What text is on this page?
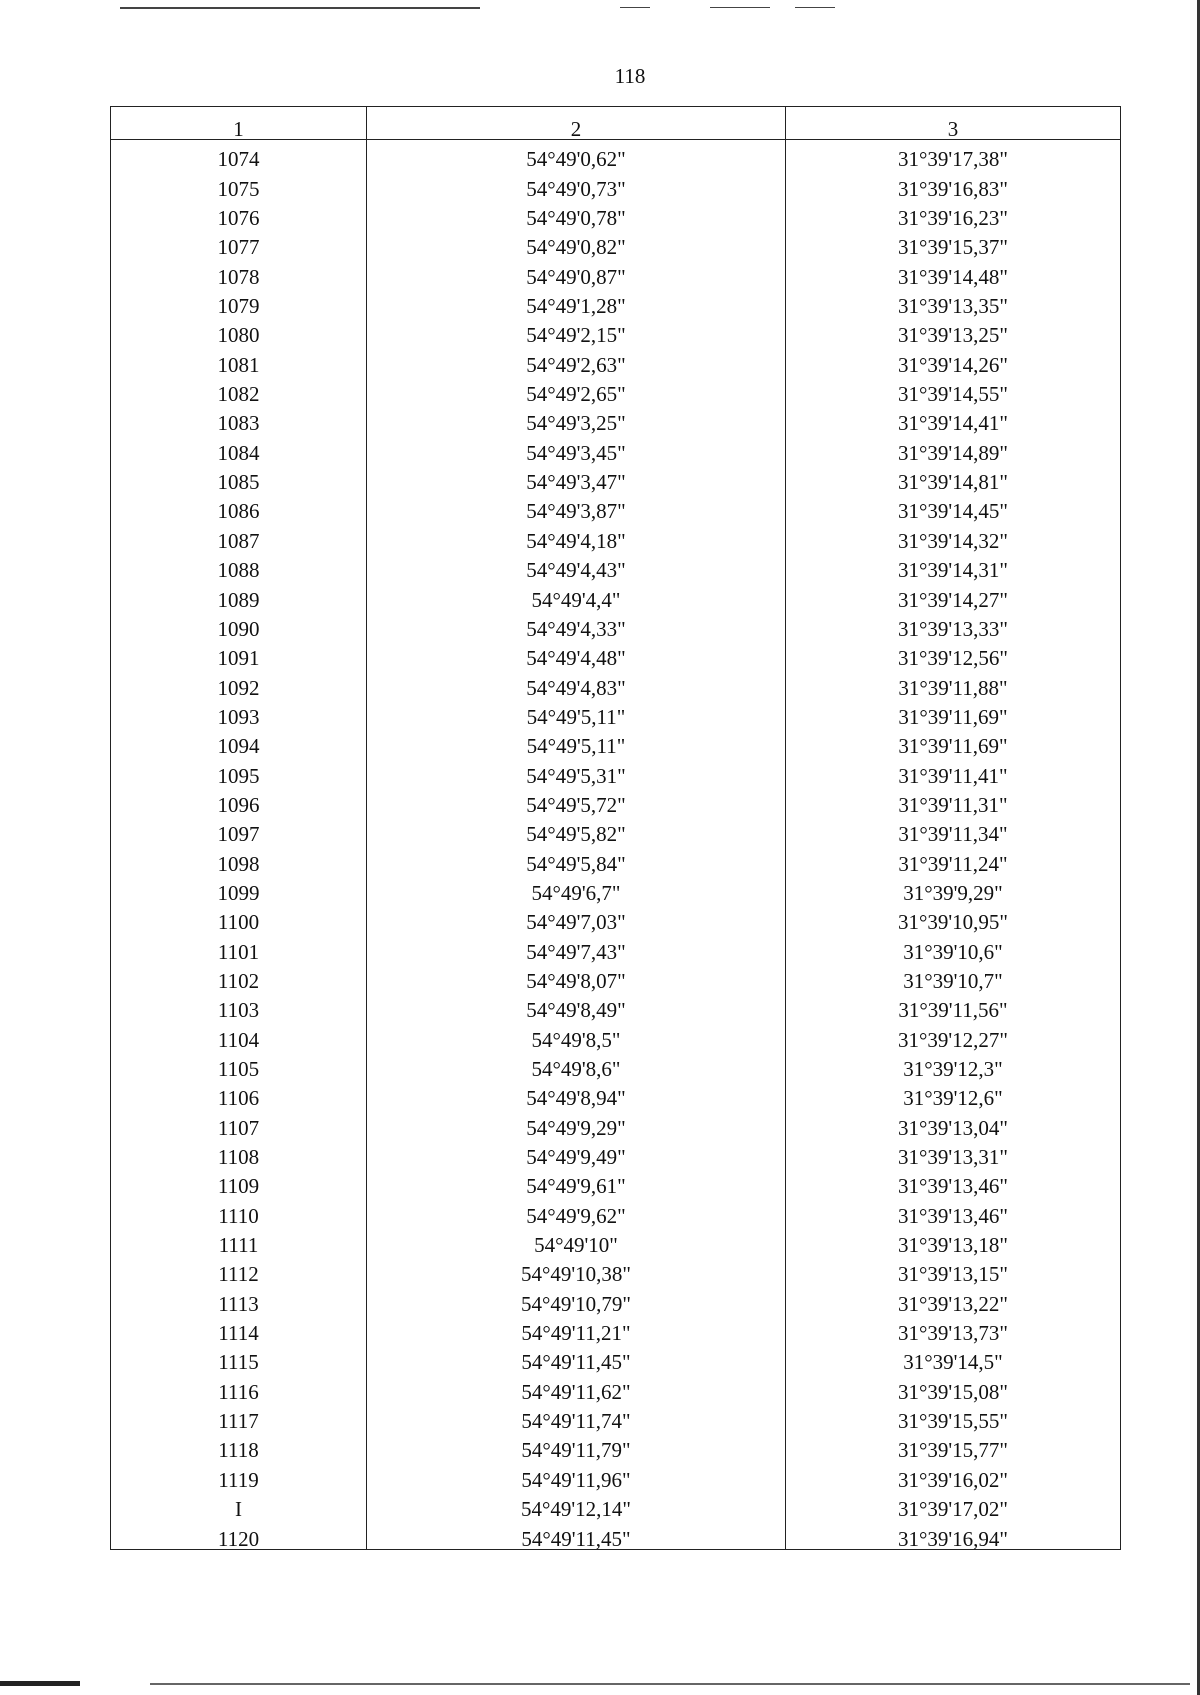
118
1	2	3
1074	54°49'0,62"	31°39'17,38"
1075	54°49'0,73"	31°39'16,83"
1076	54°49'0,78"	31°39'16,23"
1077	54°49'0,82"	31°39'15,37"
1078	54°49'0,87"	31°39'14,48"
1079	54°49'1,28"	31°39'13,35"
1080	54°49'2,15"	31°39'13,25"
1081	54°49'2,63"	31°39'14,26"
1082	54°49'2,65"	31°39'14,55"
1083	54°49'3,25"	31°39'14,41"
1084	54°49'3,45"	31°39'14,89"
1085	54°49'3,47"	31°39'14,81"
1086	54°49'3,87"	31°39'14,45"
1087	54°49'4,18"	31°39'14,32"
1088	54°49'4,43"	31°39'14,31"
1089	54°49'4,4"	31°39'14,27"
1090	54°49'4,33"	31°39'13,33"
1091	54°49'4,48"	31°39'12,56"
1092	54°49'4,83"	31°39'11,88"
1093	54°49'5,11"	31°39'11,69"
1094	54°49'5,11"	31°39'11,69"
1095	54°49'5,31"	31°39'11,41"
1096	54°49'5,72"	31°39'11,31"
1097	54°49'5,82"	31°39'11,34"
1098	54°49'5,84"	31°39'11,24"
1099	54°49'6,7"	31°39'9,29"
1100	54°49'7,03"	31°39'10,95"
1101	54°49'7,43"	31°39'10,6"
1102	54°49'8,07"	31°39'10,7"
1103	54°49'8,49"	31°39'11,56"
1104	54°49'8,5"	31°39'12,27"
1105	54°49'8,6"	31°39'12,3"
1106	54°49'8,94"	31°39'12,6"
1107	54°49'9,29"	31°39'13,04"
1108	54°49'9,49"	31°39'13,31"
1109	54°49'9,61"	31°39'13,46"
1110	54°49'9,62"	31°39'13,46"
1111	54°49'10"	31°39'13,18"
1112	54°49'10,38"	31°39'13,15"
1113	54°49'10,79"	31°39'13,22"
1114	54°49'11,21"	31°39'13,73"
1115	54°49'11,45"	31°39'14,5"
1116	54°49'11,62"	31°39'15,08"
1117	54°49'11,74"	31°39'15,55"
1118	54°49'11,79"	31°39'15,77"
1119	54°49'11,96"	31°39'16,02"
I	54°49'12,14"	31°39'17,02"
1120	54°49'11,45"	31°39'16,94"
